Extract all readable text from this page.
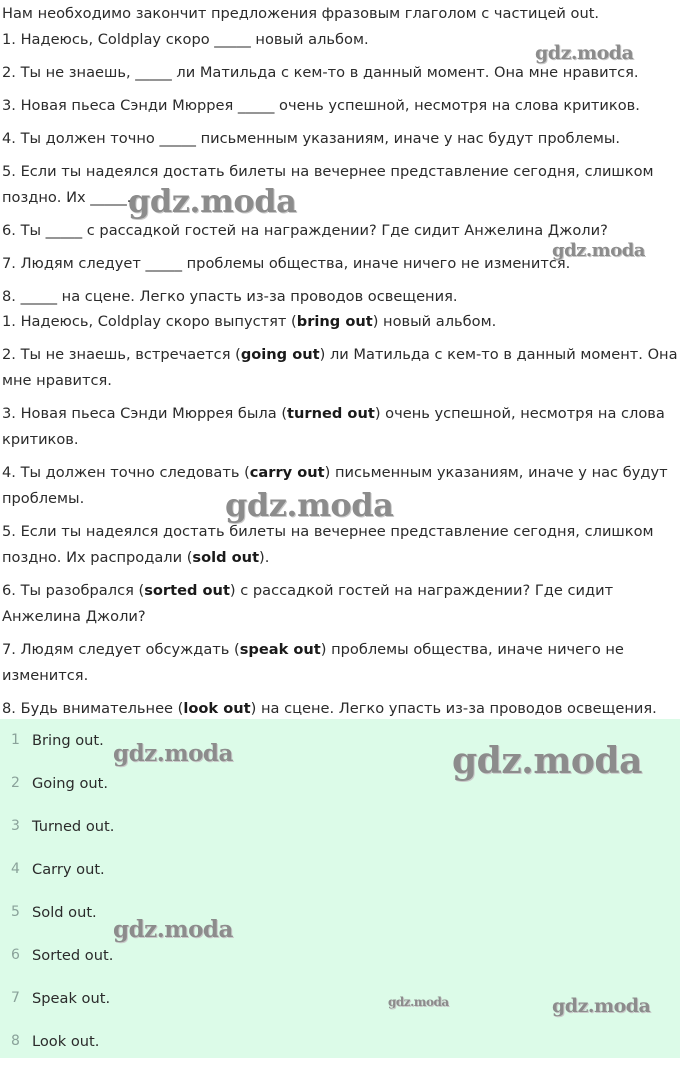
Нам необходимо закончит предложения фразовым глаголом с частицей out.
1. Надеюсь, Coldplay скоро _____ новый альбом.
2. Ты не знаешь, _____ ли Матильда с кем-то в данный момент. Она мне нравится.
3. Новая пьеса Сэнди Мюррея _____ очень успешной, несмотря на слова критиков.
4. Ты должен точно _____ письменным указаниям, иначе у нас будут проблемы.
5. Если ты надеялся достать билеты на вечернее представление сегодня, слишком
поздно. Их _____.
6. Ты _____ с рассадкой гостей на награждении? Где сидит Анжелина Джоли?
7. Людям следует _____ проблемы общества, иначе ничего не изменится.
8. _____ на сцене. Легко упасть из-за проводов освещения.
1. Надеюсь, Coldplay скоро выпустят (bring out) новый альбом.
2. Ты не знаешь, встречается (going out) ли Матильда с кем-то в данный момент. Она мне нравится.
3. Новая пьеса Сэнди Мюррея была (turned out) очень успешной, несмотря на слова критиков.
4. Ты должен точно следовать (carry out) письменным указаниям, иначе у нас будут проблемы.
5. Если ты надеялся достать билеты на вечернее представление сегодня, слишком поздно. Их распродали (sold out).
6. Ты разобрался (sorted out) с рассадкой гостей на награждении? Где сидит Анжелина Джоли?
7. Людям следует обсуждать (speak out) проблемы общества, иначе ничего не изменится.
8. Будь внимательнее (look out) на сцене. Легко упасть из-за проводов освещения.
1 Bring out.
2 Going out.
3 Turned out.
4 Carry out.
5 Sold out.
6 Sorted out.
7 Speak out.
8 Look out.
gdz.moda
gdz.moda
gdz.moda
gdz.moda
gdz.moda	gdz.moda
gdz.moda
gdz.moda	gdz.moda
